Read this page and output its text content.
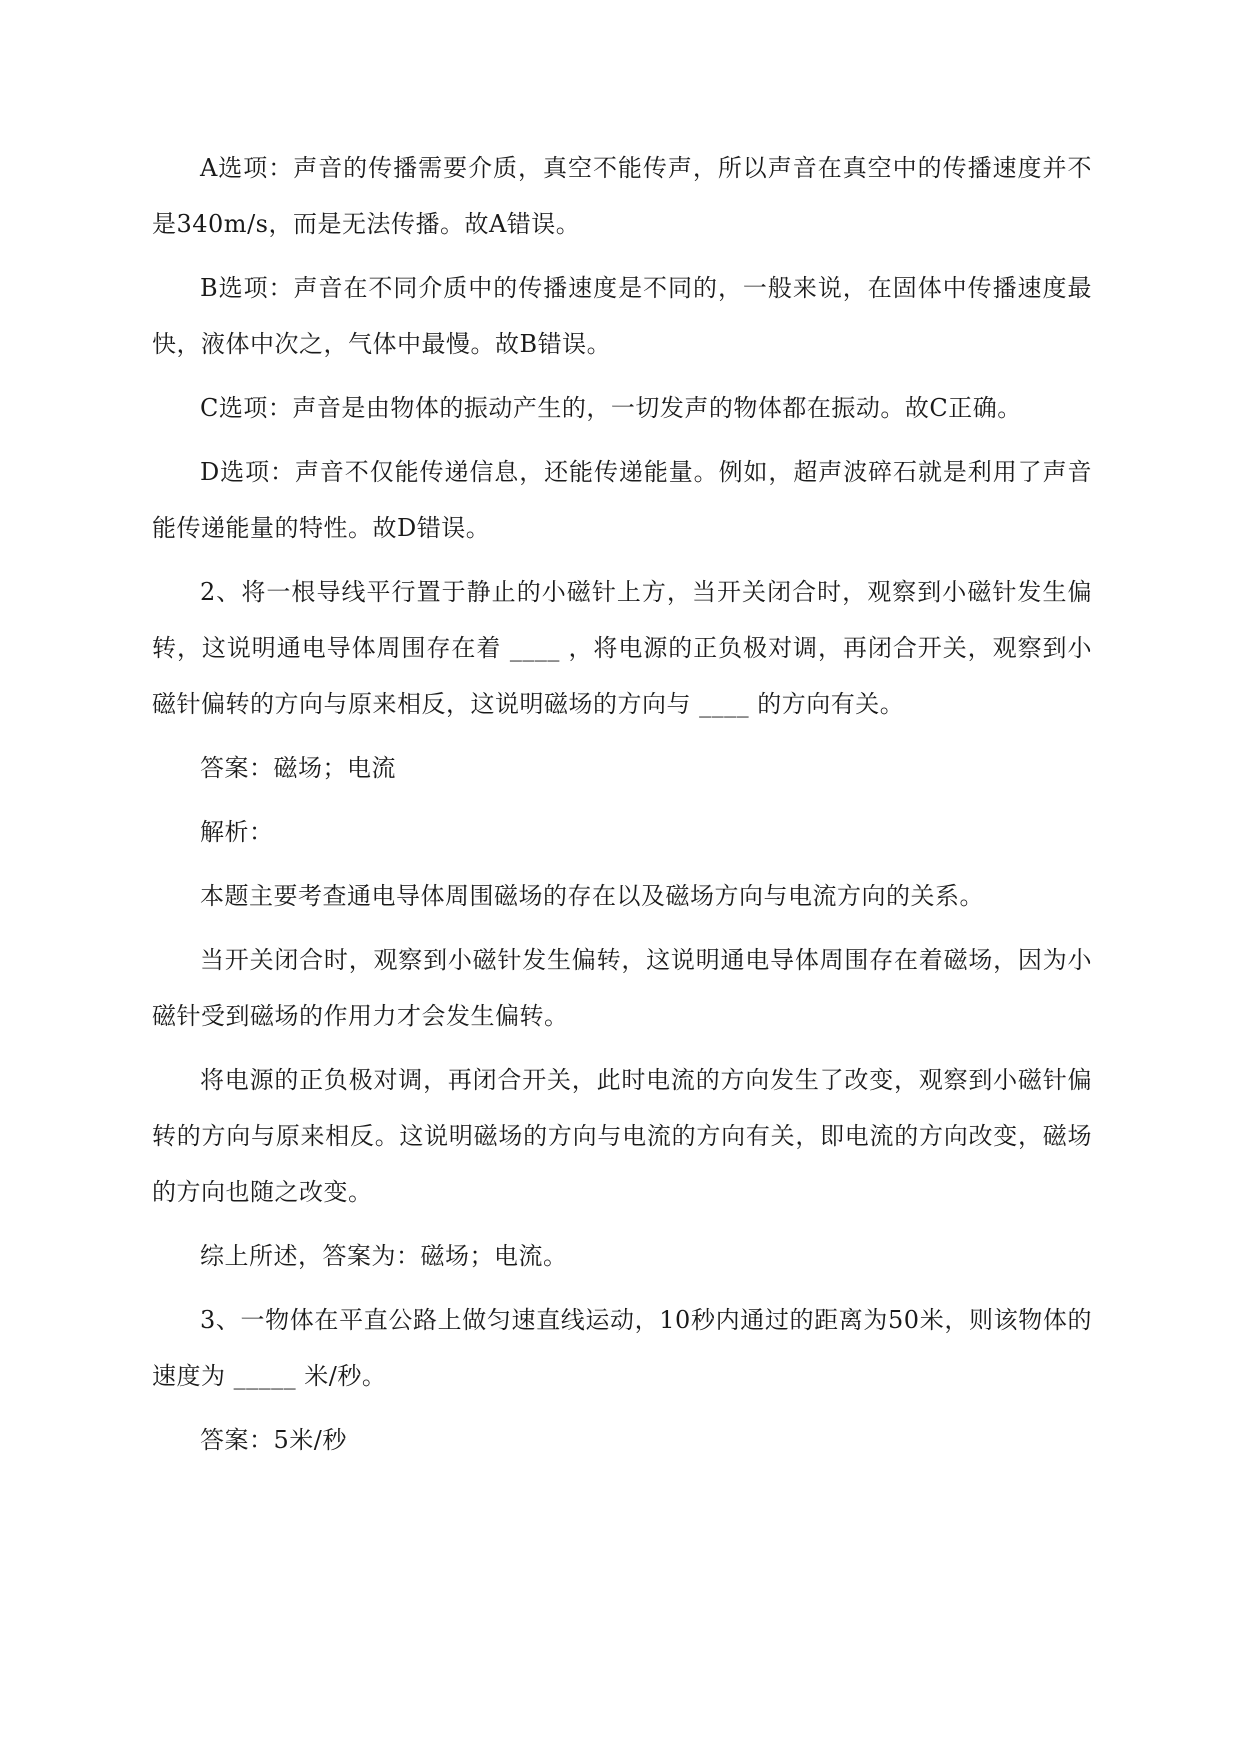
A选项：声音的传播需要介质，真空不能传声，所以声音在真空中的传播速度并不是340m/s，而是无法传播。故A错误。

B选项：声音在不同介质中的传播速度是不同的，一般来说，在固体中传播速度最快，液体中次之，气体中最慢。故B错误。

C选项：声音是由物体的振动产生的，一切发声的物体都在振动。故C正确。

D选项：声音不仅能传递信息，还能传递能量。例如，超声波碎石就是利用了声音能传递能量的特性。故D错误。

2、将一根导线平行置于静止的小磁针上方，当开关闭合时，观察到小磁针发生偏转，这说明通电导体周围存在着 ____ ，将电源的正负极对调，再闭合开关，观察到小磁针偏转的方向与原来相反，这说明磁场的方向与 ____ 的方向有关。

答案：磁场；电流

解析：

本题主要考查通电导体周围磁场的存在以及磁场方向与电流方向的关系。

当开关闭合时，观察到小磁针发生偏转，这说明通电导体周围存在着磁场，因为小磁针受到磁场的作用力才会发生偏转。

将电源的正负极对调，再闭合开关，此时电流的方向发生了改变，观察到小磁针偏转的方向与原来相反。这说明磁场的方向与电流的方向有关，即电流的方向改变，磁场的方向也随之改变。

综上所述，答案为：磁场；电流。

3、一物体在平直公路上做匀速直线运动，10秒内通过的距离为50米，则该物体的速度为 _____ 米/秒。

答案：5米/秒
